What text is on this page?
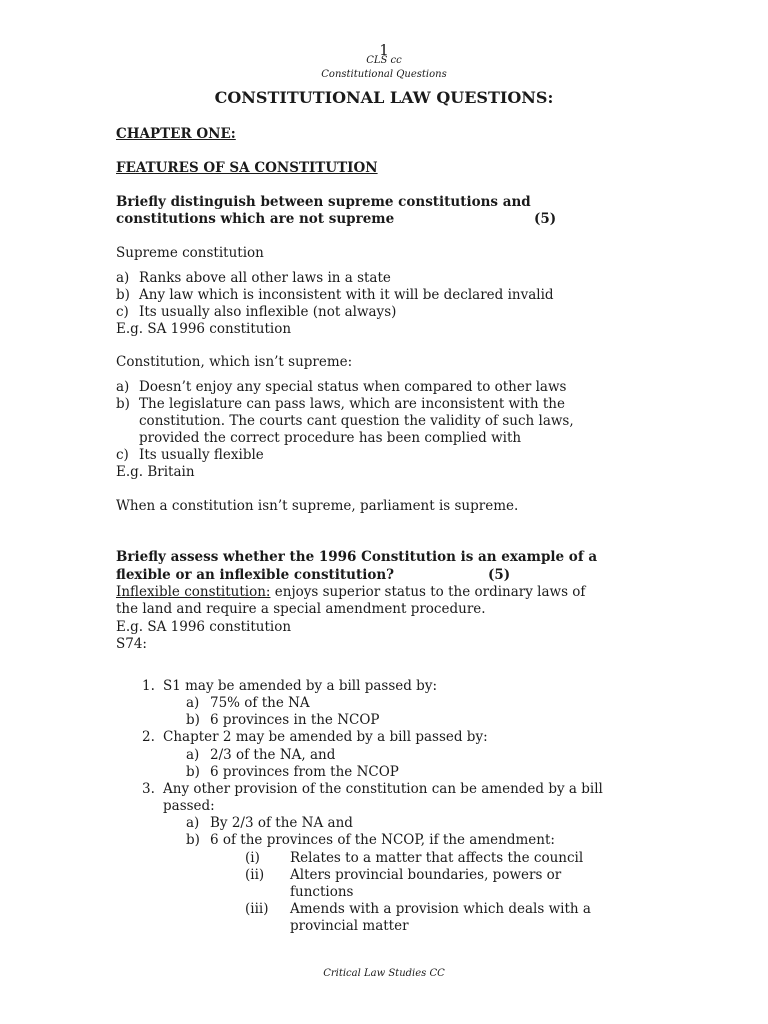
1
CLS cc
Constitutional Questions
CONSTITUTIONAL LAW QUESTIONS:
CHAPTER ONE:
FEATURES OF SA CONSTITUTION
Briefly distinguish between supreme constitutions and
constitutions which are not supreme	(5)
Supreme constitution
a) Ranks above all other laws in a state
b) Any law which is inconsistent with it will be declared invalid
c) Its usually also inflexible (not always)
E.g. SA 1996 constitution
Constitution, which isn’t supreme:
a) Doesn’t enjoy any special status when compared to other laws
b) The legislature can pass laws, which are inconsistent with the
constitution. The courts cant question the validity of such laws,
provided the correct procedure has been complied with
c) Its usually flexible
E.g. Britain
When a constitution isn’t supreme, parliament is supreme.
Briefly assess whether the 1996 Constitution is an example of a
flexible or an inflexible constitution?	(5)
Inflexible constitution: enjoys superior status to the ordinary laws of
the land and require a special amendment procedure.
E.g. SA 1996 constitution
S74:
1. S1 may be amended by a bill passed by:
a) 75% of the NA
b) 6 provinces in the NCOP
2. Chapter 2 may be amended by a bill passed by:
a) 2/3 of the NA, and
b) 6 provinces from the NCOP
3. Any other provision of the constitution can be amended by a bill
passed:
a) By 2/3 of the NA and
b) 6 of the provinces of the NCOP, if the amendment:
(i) Relates to a matter that affects the council
(ii) Alters provincial boundaries, powers or
functions
(iii) Amends with a provision which deals with a
provincial matter
Critical Law Studies CC
